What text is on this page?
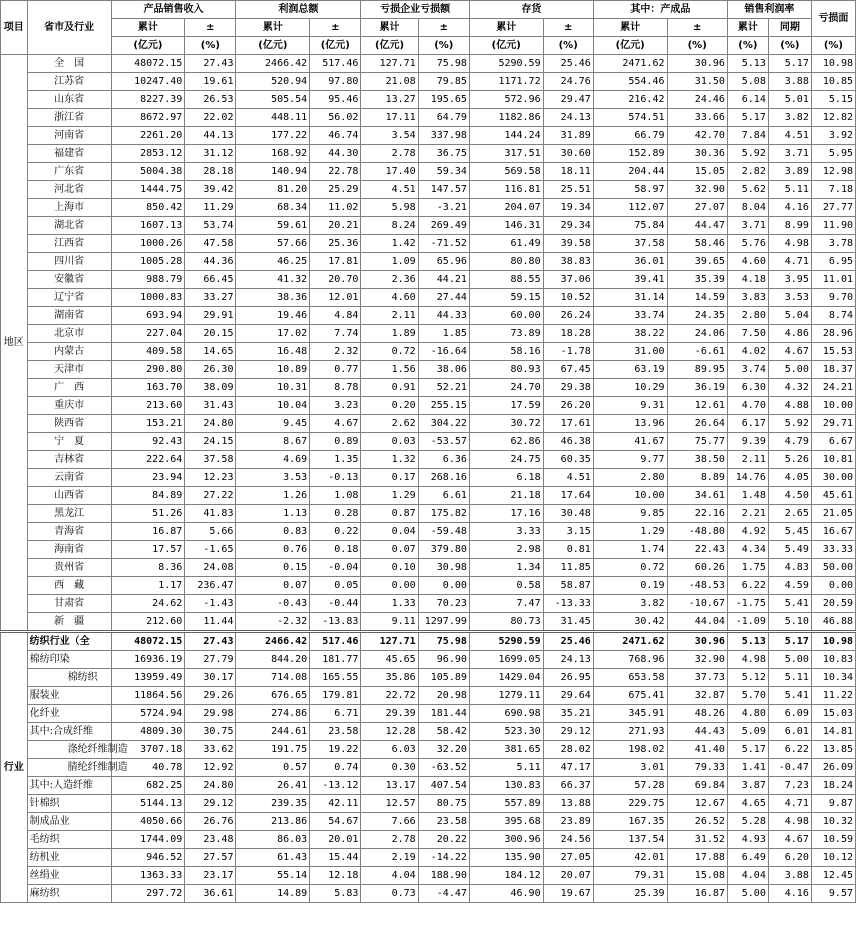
项目	省市及行业	产品销售收入		利润总额		亏损企业亏损额		存货		其中：产成品		销售利润率		亏损面
		累计	±	累计	±	累计	±	累计	±	累计	±	累计	同期	
		(亿元)	(%)	(亿元)	(亿元)	(亿元)	(%)	(亿元)	(%)	(亿元)	(%)	(%)	(%)	(%)
地区	全　国	48072.15	27.43	2466.42	517.46	127.71	75.98	5290.59	25.46	2471.62	30.96	5.13	5.17	10.98
	江苏省	10247.40	19.61	520.94	97.80	21.08	79.85	1171.72	24.76	554.46	31.50	5.08	3.88	10.85
	山东省	8227.39	26.53	505.54	95.46	13.27	195.65	572.96	29.47	216.42	24.46	6.14	5.01	5.15
	浙江省	8672.97	22.02	448.11	56.02	17.11	64.79	1182.86	24.13	574.51	33.66	5.17	3.82	12.82
	河南省	2261.20	44.13	177.22	46.74	3.54	337.98	144.24	31.89	66.79	42.70	7.84	4.51	3.92
	福建省	2853.12	31.12	168.92	44.30	2.78	36.75	317.51	30.60	152.89	30.36	5.92	3.71	5.95
	广东省	5004.38	28.18	140.94	22.78	17.40	59.34	569.58	18.11	204.44	15.05	2.82	3.89	12.98
	河北省	1444.75	39.42	81.20	25.29	4.51	147.57	116.81	25.51	58.97	32.90	5.62	5.11	7.18
	上海市	850.42	11.29	68.34	11.02	5.98	-3.21	204.07	19.34	112.07	27.07	8.04	4.16	27.77
	湖北省	1607.13	53.74	59.61	20.21	8.24	269.49	146.31	29.34	75.84	44.47	3.71	8.99	11.90
	江西省	1000.26	47.58	57.66	25.36	1.42	-71.52	61.49	39.58	37.58	58.46	5.76	4.98	3.78
	四川省	1005.28	44.36	46.25	17.81	1.09	65.96	80.80	38.83	36.01	39.65	4.60	4.71	6.95
	安徽省	988.79	66.45	41.32	20.70	2.36	44.21	88.55	37.06	39.41	35.39	4.18	3.95	11.01
	辽宁省	1000.83	33.27	38.36	12.01	4.60	27.44	59.15	10.52	31.14	14.59	3.83	3.53	9.70
	湖南省	693.94	29.91	19.46	4.84	2.11	44.33	60.00	26.24	33.74	24.35	2.80	5.04	8.74
	北京市	227.04	20.15	17.02	7.74	1.89	1.85	73.89	18.28	38.22	24.06	7.50	4.86	28.96
	内蒙古	409.58	14.65	16.48	2.32	0.72	-16.64	58.16	-1.78	31.00	-6.61	4.02	4.67	15.53
	天津市	290.80	26.30	10.89	0.77	1.56	38.06	80.93	67.45	63.19	89.95	3.74	5.00	18.37
	广　西	163.70	38.09	10.31	8.78	0.91	52.21	24.70	29.38	10.29	36.19	6.30	4.32	24.21
	重庆市	213.60	31.43	10.04	3.23	0.20	255.15	17.59	26.20	9.31	12.61	4.70	4.88	10.00
	陕西省	153.21	24.80	9.45	4.67	2.62	304.22	30.72	17.61	13.96	26.64	6.17	5.92	29.71
	宁　夏	92.43	24.15	8.67	0.89	0.03	-53.57	62.86	46.38	41.67	75.77	9.39	4.79	6.67
	吉林省	222.64	37.58	4.69	1.35	1.32	6.36	24.75	60.35	9.77	38.50	2.11	5.26	10.81
	云南省	23.94	12.23	3.53	-0.13	0.17	268.16	6.18	4.51	2.80	8.89	14.76	4.05	30.00
	山西省	84.89	27.22	1.26	1.08	1.29	6.61	21.18	17.64	10.00	34.61	1.48	4.50	45.61
	黑龙江	51.26	41.83	1.13	0.28	0.87	175.82	17.16	30.48	9.85	22.16	2.21	2.65	21.05
	青海省	16.87	5.66	0.83	0.22	0.04	-59.48	3.33	3.15	1.29	-48.80	4.92	5.45	16.67
	海南省	17.57	-1.65	0.76	0.18	0.07	379.80	2.98	0.81	1.74	22.43	4.34	5.49	33.33
	贵州省	8.36	24.08	0.15	-0.04	0.10	30.98	1.34	11.85	0.72	60.26	1.75	4.83	50.00
	西　藏	1.17	236.47	0.07	0.05	0.00	0.00	0.58	58.87	0.19	-48.53	6.22	4.59	0.00
	甘肃省	24.62	-1.43	-0.43	-0.44	1.33	70.23	7.47	-13.33	3.82	-10.67	-1.75	5.41	20.59
	新　疆	212.60	11.44	-2.32	-13.83	9.11	1297.99	80.73	31.45	30.42	44.04	-1.09	5.10	46.88
行业	纺织行业（全	48072.15	27.43	2466.42	517.46	127.71	75.98	5290.59	25.46	2471.62	30.96	5.13	5.17	10.98
	棉纺印染	16936.19	27.79	844.20	181.77	45.65	96.90	1699.05	24.13	768.96	32.90	4.98	5.00	10.83
	棉纺织	13959.49	30.17	714.08	165.55	35.86	105.89	1429.04	26.95	653.58	37.73	5.12	5.11	10.34
	服装业	11864.56	29.26	676.65	179.81	22.72	20.98	1279.11	29.64	675.41	32.87	5.70	5.41	11.22
	化纤业	5724.94	29.98	274.86	6.71	29.39	181.44	690.98	35.21	345.91	48.26	4.80	6.09	15.03
	其中:合成纤维	4809.30	30.75	244.61	23.58	12.28	58.42	523.30	29.12	271.93	44.43	5.09	6.01	14.81
	涤纶纤维制造	3707.18	33.62	191.75	19.22	6.03	32.20	381.65	28.02	198.02	41.40	5.17	6.22	13.85
	腈纶纤维制造	40.78	12.92	0.57	0.74	0.30	-63.52	5.11	47.17	3.01	79.33	1.41	-0.47	26.09
	其中:人造纤维	682.25	24.80	26.41	-13.12	13.17	407.54	130.83	66.37	57.28	69.84	3.87	7.23	18.24
	针棉织	5144.13	29.12	239.35	42.11	12.57	80.75	557.89	13.88	229.75	12.67	4.65	4.71	9.87
	制成品业	4050.66	26.76	213.86	54.67	7.66	23.58	395.68	23.89	167.35	26.52	5.28	4.98	10.32
	毛纺织	1744.09	23.48	86.03	20.01	2.78	20.22	300.96	24.56	137.54	31.52	4.93	4.67	10.59
	纺机业	946.52	27.57	61.43	15.44	2.19	-14.22	135.90	27.05	42.01	17.88	6.49	6.20	10.12
	丝绢业	1363.33	23.17	55.14	12.18	4.04	188.90	184.12	20.07	79.31	15.08	4.04	3.88	12.45
	麻纺织	297.72	36.61	14.89	5.83	0.73	-4.47	46.90	19.67	25.39	16.87	5.00	4.16	9.57
